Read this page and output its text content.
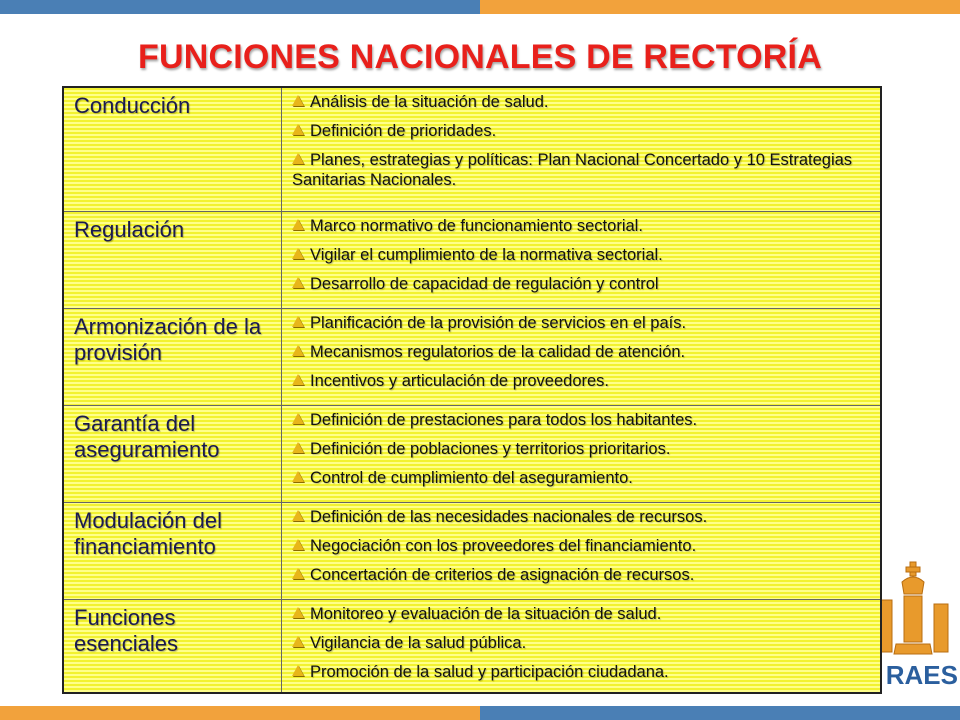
FUNCIONES NACIONALES DE RECTORÍA
RAES
Conducción	Análisis de la situación de salud.
Definición de prioridades.
Planes, estrategias y políticas: Plan Nacional Concertado y 10 Estrategias Sanitarias Nacionales.
Regulación	Marco normativo de funcionamiento sectorial.
Vigilar el cumplimiento de la normativa sectorial.
Desarrollo de capacidad de regulación y control
Armonización de la provisión
Planificación de la provisión de servicios en el país.
Mecanismos regulatorios de la calidad de atención.
Incentivos y articulación de proveedores.
Garantía del aseguramiento
Definición de prestaciones para todos los habitantes.
Definición de poblaciones y territorios prioritarios.
Control de cumplimiento del aseguramiento.
Modulación del financiamiento
Definición de las necesidades nacionales de recursos.
Negociación con los proveedores del financiamiento.
Concertación de criterios de asignación de recursos.
Funciones esenciales
Monitoreo y evaluación de la situación de salud.
Vigilancia de la salud pública.
Promoción de la salud y participación ciudadana.
